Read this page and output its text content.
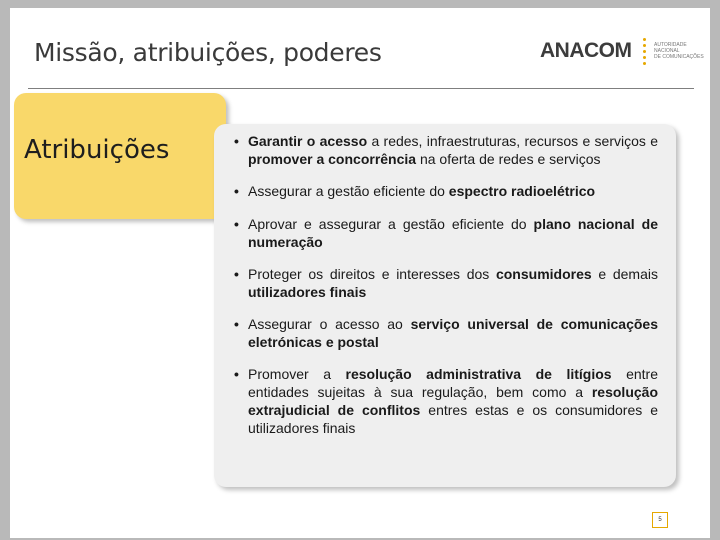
Missão, atribuições, poderes	ANACOM	AUTORIDADE
NACIONAL
DE COMUNICAÇÕES
Atribuições	• Garantir o acesso a redes, infraestruturas, recursos e serviços e promover a concorrência na oferta de redes e serviços
• Assegurar a gestão eficiente do espectro radioelétrico
• Aprovar e assegurar a gestão eficiente do plano nacional de numeração
• Proteger os direitos e interesses dos consumidores e demais utilizadores finais
• Assegurar o acesso ao serviço universal de comunicações eletrónicas e postal
• Promover a resolução administrativa de litígios entre entidades sujeitas à sua regulação, bem como a resolução extrajudicial de conflitos entres estas e os consumidores e utilizadores finais
5
